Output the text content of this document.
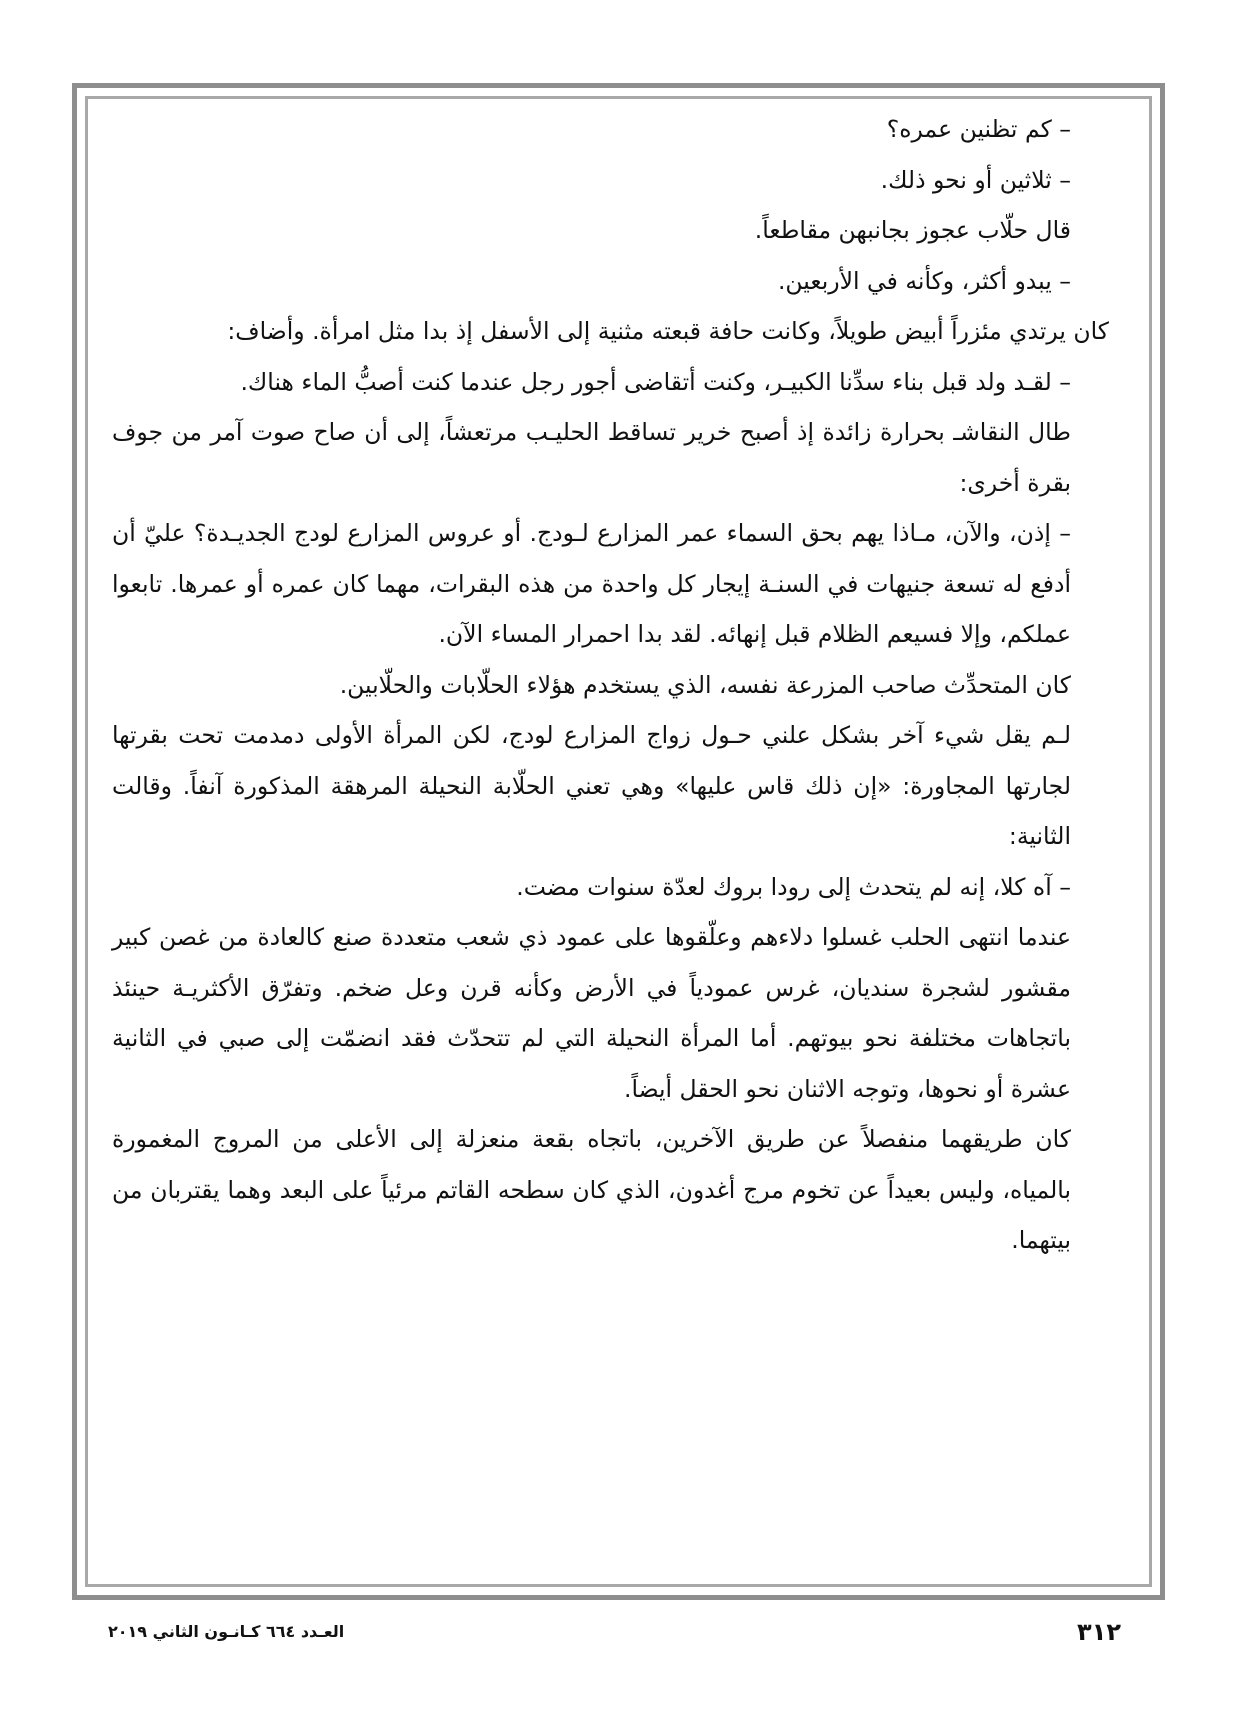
– كم تظنين عمره؟

– ثلاثين أو نحو ذلك.

قال حلّاب عجوز بجانبهن مقاطعاً.

– يبدو أكثر، وكأنه في الأربعين.

كان يرتدي مئزراً أبيض طويلاً، وكانت حافة قبعته مثنية إلى الأسفل إذ بدا مثل امرأة. وأضاف:

– لقـد ولد قبل بناء سدِّنا الكبيـر، وكنت أتقاضى أجور رجل عندما كنت أصبُّ الماء هناك.

طال النقاشـ بحرارة زائدة إذ أصبح خرير تساقط الحليـب مرتعشاً، إلى أن صاح صوت آمر من جوف بقرة أخرى:

– إذن، والآن، مـاذا يهم بحق السماء عمر المزارع لـودج. أو عروس المزارع لودج الجديـدة؟ عليّ أن أدفع له تسعة جنيهات في السنـة إيجار كل واحدة من هذه البقرات، مهما كان عمره أو عمرها. تابعوا عملكم، وإلا فسيعم الظلام قبل إنهائه. لقد بدا احمرار المساء الآن.

كان المتحدِّث صاحب المزرعة نفسه، الذي يستخدم هؤلاء الحلّابات والحلّابين.

لـم يقل شيء آخر بشكل علني حـول زواج المزارع لودج، لكن المرأة الأولى دمدمت تحت بقرتها لجارتها المجاورة: «إن ذلك قاس عليها» وهي تعني الحلّابة النحيلة المرهقة المذكورة آنفاً. وقالت الثانية:

– آه كلا، إنه لم يتحدث إلى رودا بروك لعدّة سنوات مضت.

عندما انتهى الحلب غسلوا دلاءهم وعلّقوها على عمود ذي شعب متعددة صنع كالعادة من غصن كبير مقشور لشجرة سنديان، غرس عمودياً في الأرض وكأنه قرن وعل ضخم. وتفرّق الأكثريـة حينئذ باتجاهات مختلفة نحو بيوتهم. أما المرأة النحيلة التي لم تتحدّث فقد انضمّت إلى صبي في الثانية عشرة أو نحوها، وتوجه الاثنان نحو الحقل أيضاً.

كان طريقهما منفصلاً عن طريق الآخرين، باتجاه بقعة منعزلة إلى الأعلى من المروج المغمورة بالمياه، وليس بعيداً عن تخوم مرج أغدون، الذي كان سطحه القاتم مرئياً على البعد وهما يقتربان من بيتهما.

٣١٢
العـدد ٦٦٤ كـانـون الثاني ٢٠١٩
